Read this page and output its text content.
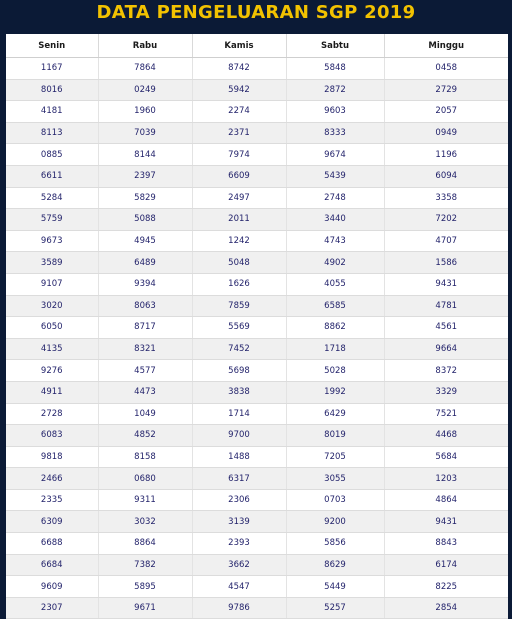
DATA PENGELUARAN SGP 2019
Senin	Rabu	Kamis	Sabtu	Minggu
1167	7864	8742	5848	0458
8016	0249	5942	2872	2729
4181	1960	2274	9603	2057
8113	7039	2371	8333	0949
0885	8144	7974	9674	1196
6611	2397	6609	5439	6094
5284	5829	2497	2748	3358
5759	5088	2011	3440	7202
9673	4945	1242	4743	4707
3589	6489	5048	4902	1586
9107	9394	1626	4055	9431
3020	8063	7859	6585	4781
6050	8717	5569	8862	4561
4135	8321	7452	1718	9664
9276	4577	5698	5028	8372
4911	4473	3838	1992	3329
2728	1049	1714	6429	7521
6083	4852	9700	8019	4468
9818	8158	1488	7205	5684
2466	0680	6317	3055	1203
2335	9311	2306	0703	4864
6309	3032	3139	9200	9431
6688	8864	2393	5856	8843
6684	7382	3662	8629	6174
9609	5895	4547	5449	8225
2307	9671	9786	5257	2854
